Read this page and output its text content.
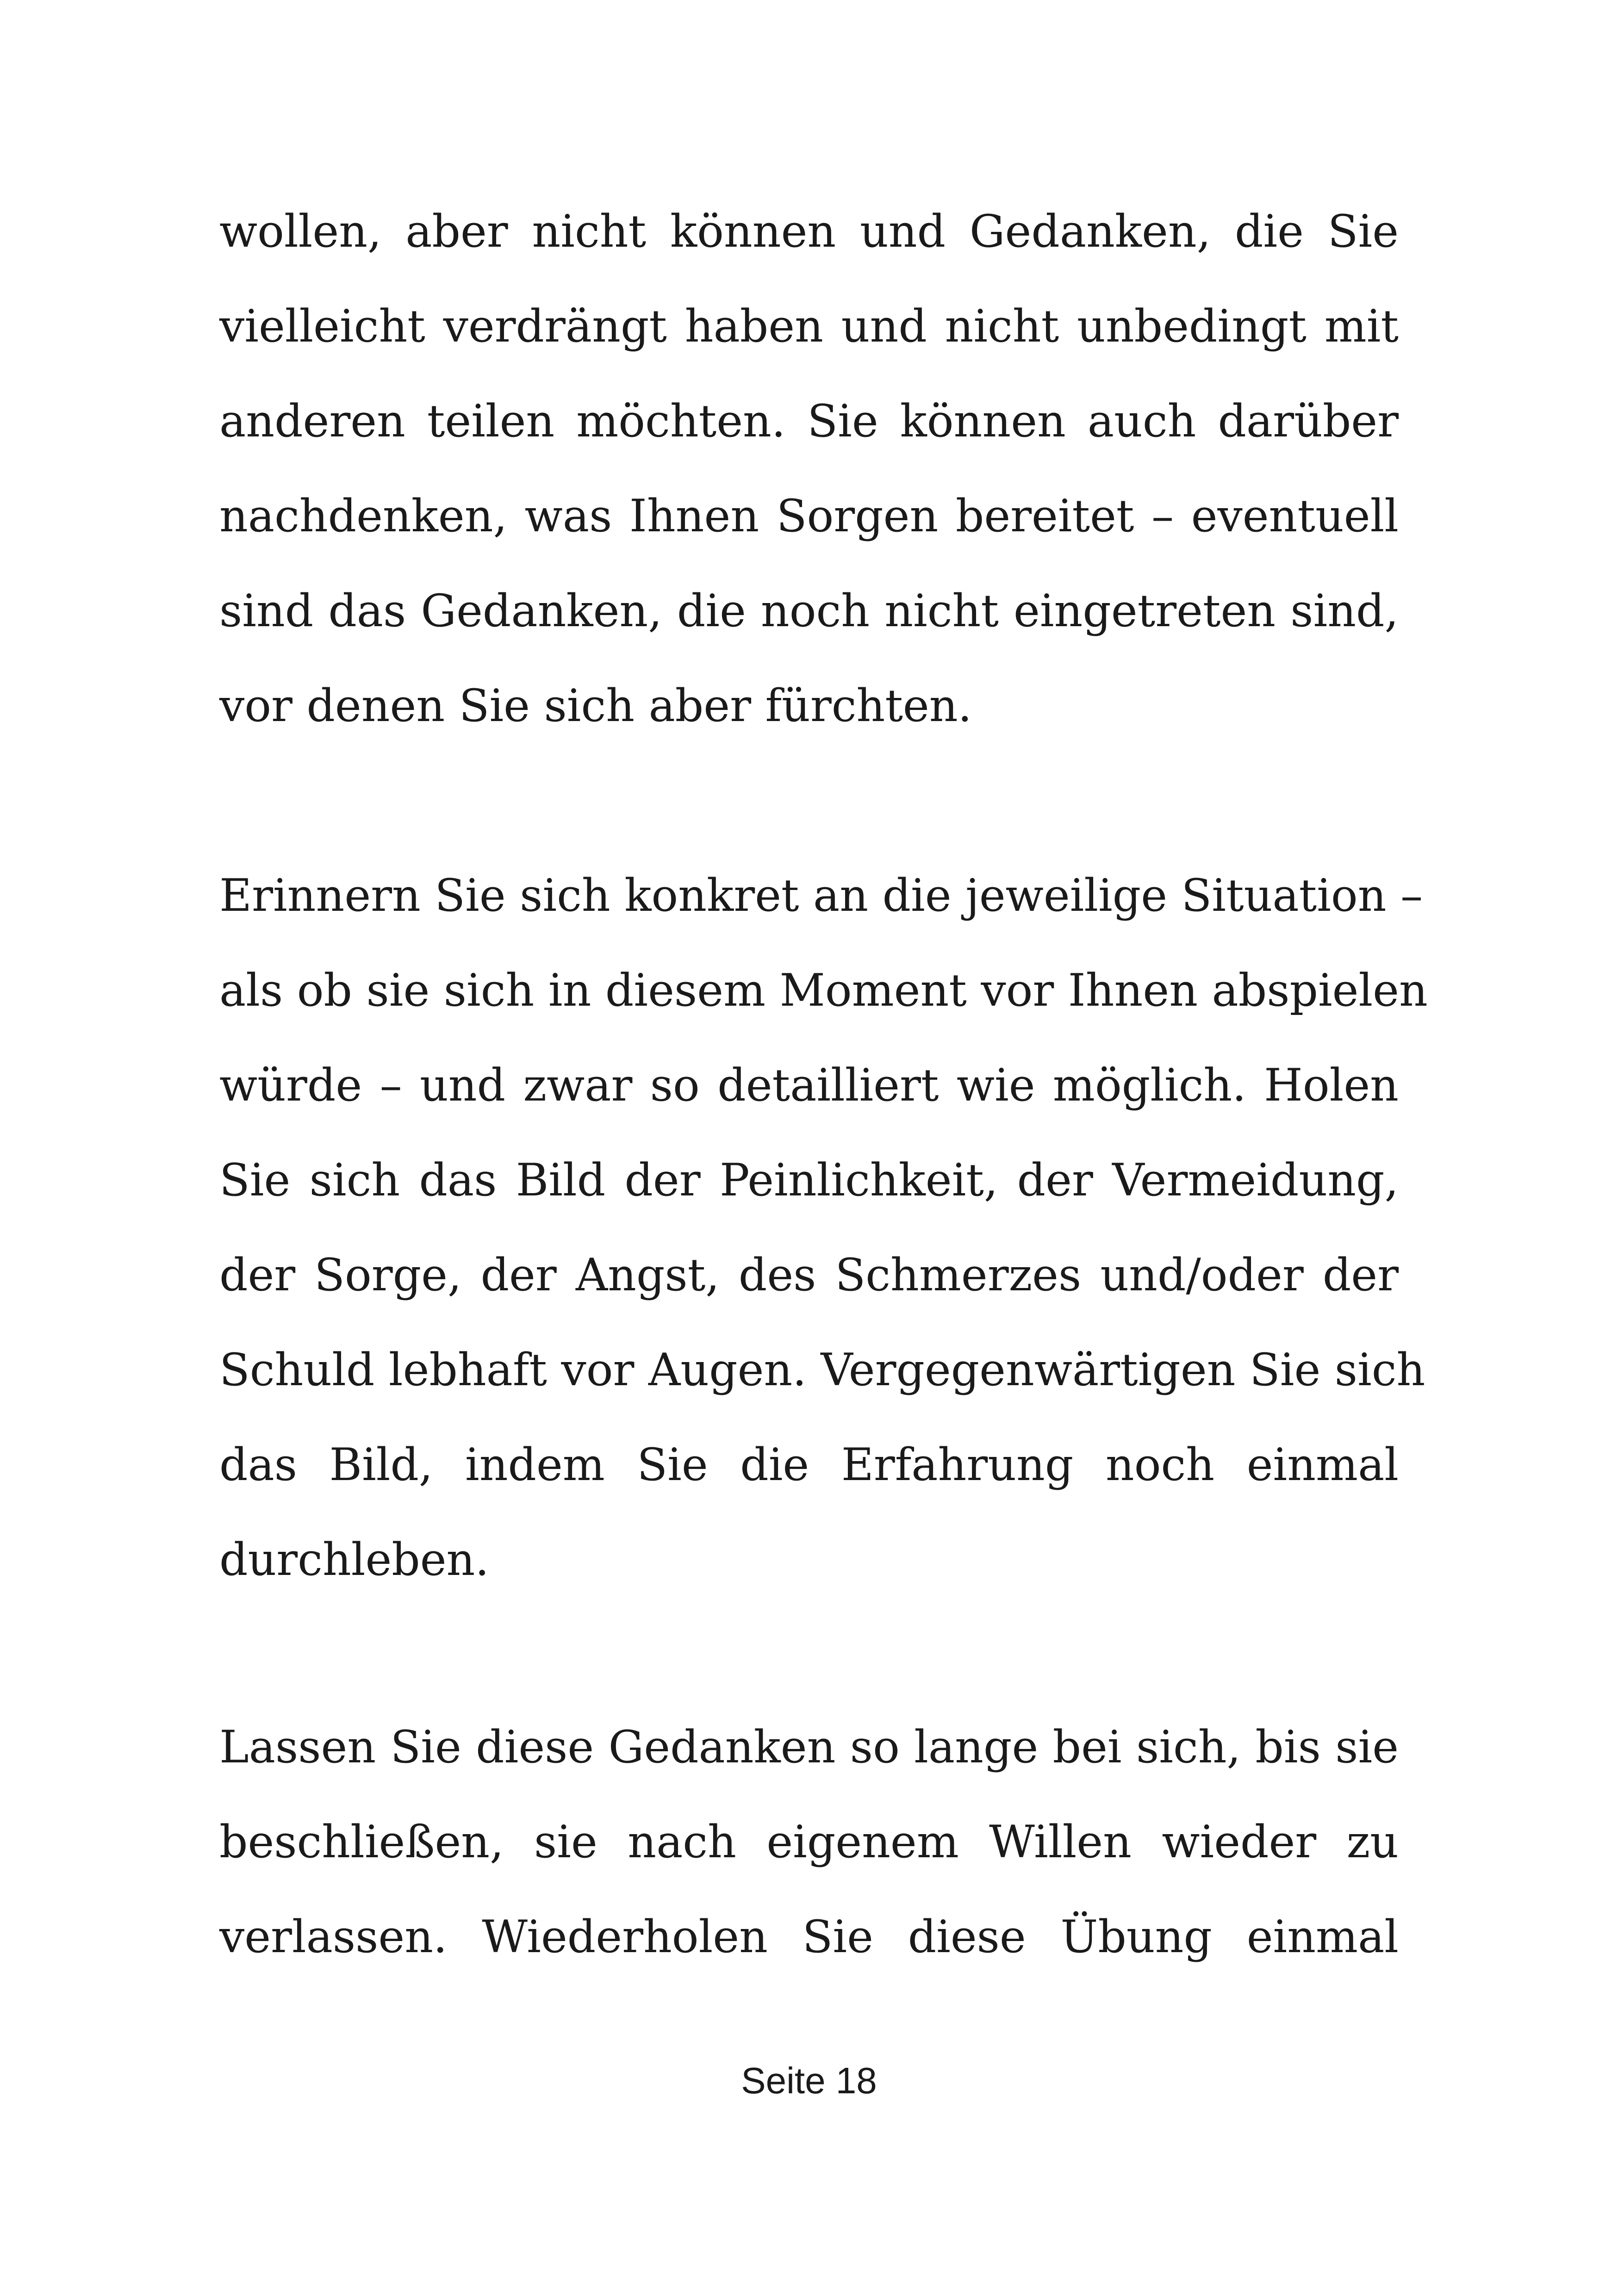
wollen, aber nicht können und Gedanken, die Sie
vielleicht verdrängt haben und nicht unbedingt mit
anderen teilen möchten. Sie können auch darüber
nachdenken, was Ihnen Sorgen bereitet – eventuell
sind das Gedanken, die noch nicht eingetreten sind,
vor denen Sie sich aber fürchten.
Erinnern Sie sich konkret an die jeweilige Situation –
als ob sie sich in diesem Moment vor Ihnen abspielen
würde – und zwar so detailliert wie möglich. Holen
Sie sich das Bild der Peinlichkeit, der Vermeidung,
der Sorge, der Angst, des Schmerzes und/oder der
Schuld lebhaft vor Augen. Vergegenwärtigen Sie sich
das Bild, indem Sie die Erfahrung noch einmal
durchleben.
Lassen Sie diese Gedanken so lange bei sich, bis sie
beschließen, sie nach eigenem Willen wieder zu
verlassen. Wiederholen Sie diese Übung einmal
Seite 18
